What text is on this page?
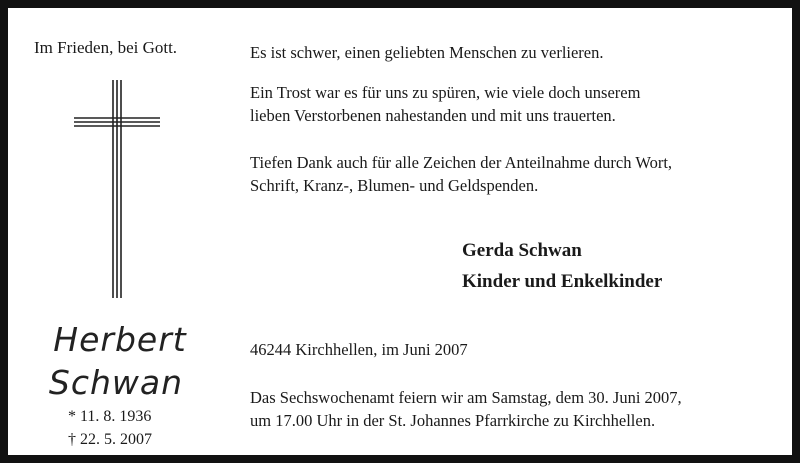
Im Frieden, bei Gott.
Herbert
Schwan
* 11. 8. 1936
† 22. 5. 2007
Es ist schwer, einen geliebten Menschen zu verlieren.
Ein Trost war es für uns zu spüren, wie viele doch unserem
lieben Verstorbenen nahestanden und mit uns trauerten.
Tiefen Dank auch für alle Zeichen der Anteilnahme durch Wort,
Schrift, Kranz-, Blumen- und Geldspenden.
Gerda Schwan
Kinder und Enkelkinder
46244 Kirchhellen, im Juni 2007
Das Sechswochenamt feiern wir am Samstag, dem 30. Juni 2007,
um 17.00 Uhr in der St. Johannes Pfarrkirche zu Kirchhellen.
